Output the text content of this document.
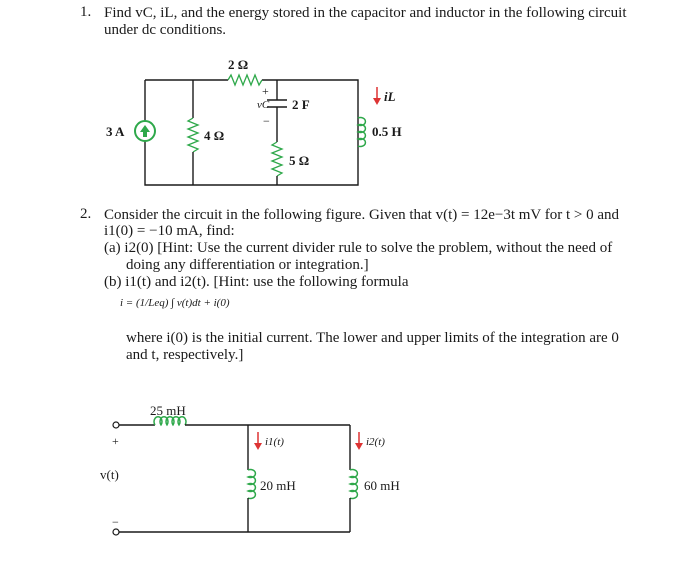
1. Find vC, iL, and the energy stored in the capacitor and inductor in the following circuit
under dc conditions.
3 A
2 Ω
4 Ω
5 Ω
2 F
vC
+
−
iL
0.5 H
2. Consider the circuit in the following figure. Given that v(t) = 12e−3t mV for t > 0 and
i1(0) = −10 mA, find:
(a) i2(0) [Hint: Use the current divider rule to solve the problem, without the need of
doing any differentiation or integration.]
(b) i1(t) and i2(t). [Hint: use the following formula
i = (1/Leq) ∫ v(t)dt + i(0)
where i(0) is the initial current. The lower and upper limits of the integration are 0
and t, respectively.]
25 mH
20 mH	60 mH
i1(t)	i2(t)
v(t)
+
−
